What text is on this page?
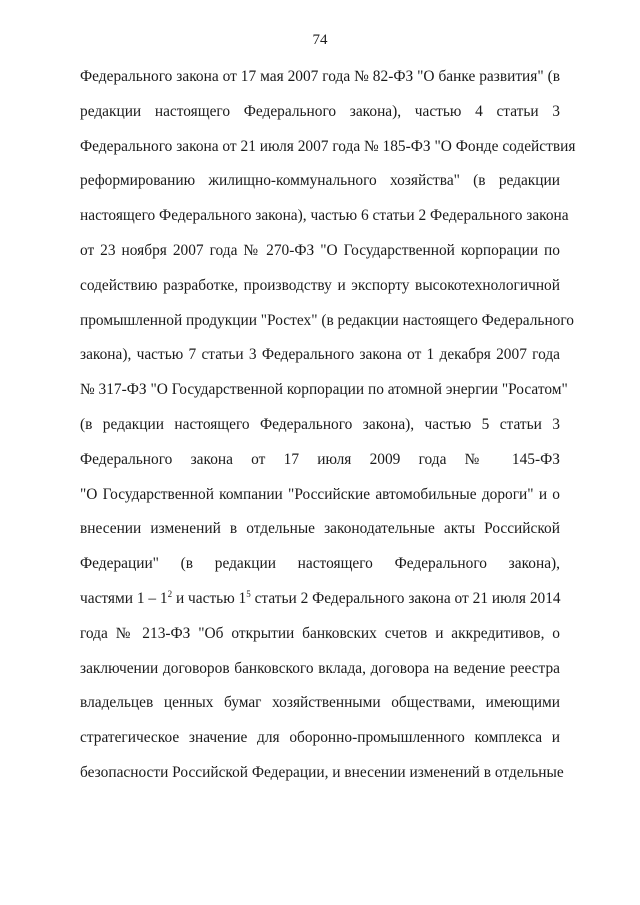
74
Федерального закона от 17 мая 2007 года № 82-ФЗ "О банке развития" (в
редакции настоящего Федерального закона), частью 4 статьи 3
Федерального закона от 21 июля 2007 года № 185-ФЗ "О Фонде содействия
реформированию жилищно-коммунального хозяйства" (в редакции
настоящего Федерального закона), частью 6 статьи 2 Федерального закона
от 23 ноября 2007 года № 270-ФЗ "О Государственной корпорации по
содействию разработке, производству и экспорту высокотехнологичной
промышленной продукции "Ростех" (в редакции настоящего Федерального
закона), частью 7 статьи 3 Федерального закона от 1 декабря 2007 года
№ 317-ФЗ "О Государственной корпорации по атомной энергии "Росатом"
(в редакции настоящего Федерального закона), частью 5 статьи 3
Федерального закона от 17 июля 2009 года № 145-ФЗ
"О Государственной компании "Российские автомобильные дороги" и о
внесении изменений в отдельные законодательные акты Российской
Федерации" (в редакции настоящего Федерального закона),
частями $1 - 1^2$ и частью $1^5$ статьи 2 Федерального закона от 21 июля 2014
года № 213-ФЗ "Об открытии банковских счетов и аккредитивов, о
заключении договоров банковского вклада, договора на ведение реестра
владельцев ценных бумаг хозяйственными обществами, имеющими
стратегическое значение для оборонно-промышленного комплекса и
безопасности Российской Федерации, и внесении изменений в отдельные
